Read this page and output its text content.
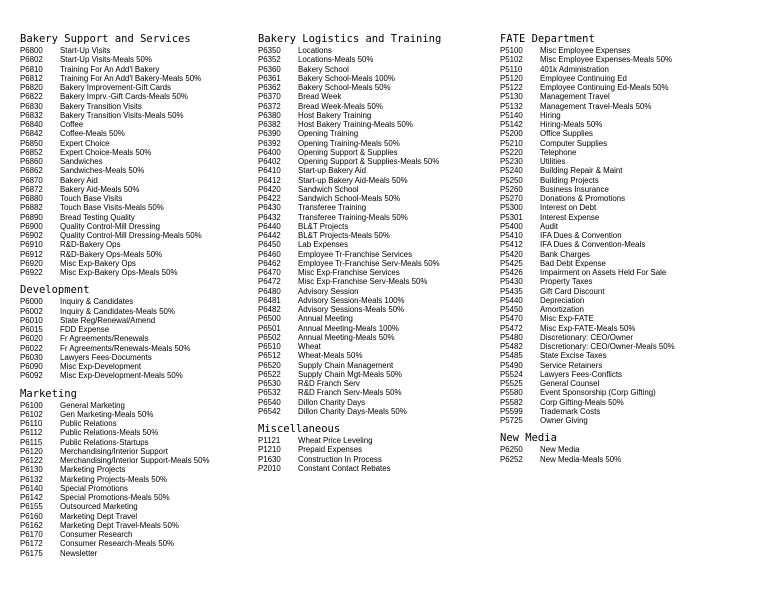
Bakery Support and Services
P6800	Start-Up Visits
P6802	Start-Up Visits-Meals 50%
P6810	Training For An Add'l Bakery
P6812	Training For An Add'l Bakery-Meals 50%
P6820	Bakery Improvement-Gift Cards
P6822	Bakery Imprv.-Gift Cards-Meals 50%
P6830	Bakery Transition Visits
P6832	Bakery Transition Visits-Meals 50%
P6840	Coffee
P6842	Coffee-Meals 50%
P6850	Expert Choice
P6852	Expert Choice-Meals 50%
P6860	Sandwiches
P6862	Sandwiches-Meals 50%
P6870	Bakery Aid
P6872	Bakery Aid-Meals 50%
P6880	Touch Base Visits
P6882	Touch Base Visits-Meals 50%
P6890	Bread Testing Quality
P6900	Quality Control-Mill Dressing
P6902	Quality Control-Mill Dressing-Meals 50%
P6910	R&D-Bakery Ops
P6912	R&D-Bakery Ops-Meals 50%
P6920	Misc Exp-Bakery Ops
P6922	Misc Exp-Bakery Ops-Meals 50%
Development
P6000	Inquiry & Candidates
P6002	Inquiry & Candidates-Meals 50%
P6010	State Reg/Renewal/Amend
P6015	FDD Expense
P6020	Fr Agreements/Renewals
P6022	Fr Agreements/Renewals-Meals 50%
P6030	Lawyers Fees-Documents
P6090	Misc Exp-Development
P6092	Misc Exp-Development-Meals 50%
Marketing
P6100	General Marketing
P6102	Gen Marketing-Meals 50%
P6110	Public Relations
P6112	Public Relations-Meals 50%
P6115	Public Relations-Startups
P6120	Merchandising/Interior Support
P6122	Merchandising/Interior Support-Meals 50%
P6130	Marketing Projects
P6132	Marketing Projects-Meals 50%
P6140	Special Promotions
P6142	Special Promotions-Meals 50%
P6155	Outsourced Marketing
P6160	Marketing Dept Travel
P6162	Marketing Dept Travel-Meals 50%
P6170	Consumer Research
P6172	Consumer Research-Meals 50%
P6175	Newsletter
Bakery Logistics and Training
P6350	Locations
P6352	Locations-Meals 50%
P6360	Bakery School
P6361	Bakery School-Meals 100%
P6362	Bakery School-Meals 50%
P6370	Bread Week
P6372	Bread Week-Meals 50%
P6380	Host Bakery Training
P6382	Host Bakery Training-Meals 50%
P6390	Opening Training
P6392	Opening Training-Meals 50%
P6400	Opening Support & Supplies
P6402	Opening Support & Supplies-Meals 50%
P6410	Start-up Bakery Aid
P6412	Start-up Bakery Aid-Meals 50%
P6420	Sandwich School
P6422	Sandwich School-Meals 50%
P6430	Transferee Training
P6432	Transferee Training-Meals 50%
P6440	BL&T Projects
P6442	BL&T Projects-Meals 50%
P6450	Lab Expenses
P6460	Employee Tr-Franchise Services
P6462	Employee Tr-Franchise Serv-Meals 50%
P6470	Misc Exp-Franchise Services
P6472	Misc Exp-Franchise Serv-Meals 50%
P6480	Advisory Session
P6481	Advisory Session-Meals 100%
P6482	Advisory Sessions-Meals 50%
P6500	Annual Meeting
P6501	Annual Meeting-Meals 100%
P6502	Annual Meeting-Meals 50%
P6510	Wheat
P6512	Wheat-Meals 50%
P6520	Supply Chain Management
P6522	Supply Chain Mgt-Meals 50%
P6530	R&D Franch Serv
P6532	R&D Franch Serv-Meals 50%
P6540	Dillon Charity Days
P6542	Dillon Charity Days-Meals 50%
Miscellaneous
P1121	Wheat Price Leveling
P1210	Prepaid Expenses
P1630	Construction In Process
P2010	Constant Contact Rebates
FATE Department
P5100	Misc Employee Expenses
P5102	Misc Employee Expenses-Meals 50%
P5110	401k Administration
P5120	Employee Continuing Ed
P5122	Employee Continuing Ed-Meals 50%
P5130	Management Travel
P5132	Management Travel-Meals 50%
P5140	Hiring
P5142	Hiring-Meals 50%
P5200	Office Supplies
P5210	Computer Supplies
P5220	Telephone
P5230	Utilities
P5240	Building Repair & Maint
P5250	Building Projects
P5260	Business Insurance
P5270	Donations & Promotions
P5300	Interest on Debt
P5301	Interest Expense
P5400	Audit
P5410	IFA Dues & Convention
P5412	IFA Dues & Convention-Meals
P5420	Bank Charges
P5425	Bad Debt Expense
P5426	Impairment on Assets Held For Sale
P5430	Property Taxes
P5435	Gift Card Discount
P5440	Depreciation
P5450	Amortization
P5470	Misc Exp-FATE
P5472	Misc Exp-FATE-Meals 50%
P5480	Discretionary: CEO/Owner
P5482	Discretionary: CEO/Owner-Meals 50%
P5485	State Excise Taxes
P5490	Service Retainers
P5524	Lawyers Fees-Conflicts
P5525	General Counsel
P5580	Event Sponsorship (Corp Gifting)
P5582	Corp Gifting-Meals 50%
P5599	Trademark Costs
P5725	Owner Giving
New Media
P6250	New Media
P6252	New Media-Meals 50%
